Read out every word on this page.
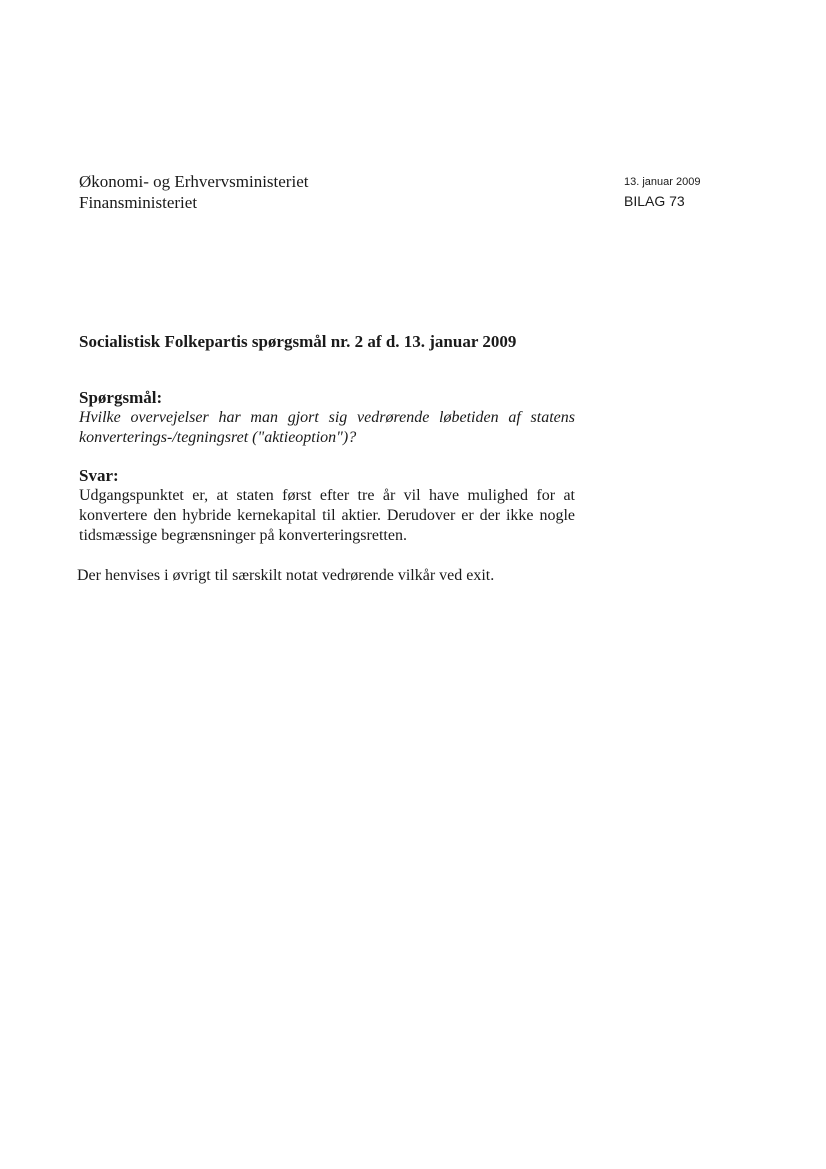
Økonomi- og Erhvervsministeriet
Finansministeriet
13. januar 2009
BILAG 73
Socialistisk Folkepartis spørgsmål nr. 2 af d. 13. januar 2009
Spørgsmål:
Hvilke overvejelser har man gjort sig vedrørende løbetiden af statens konverterings-/tegningsret ("aktieoption")?
Svar:
Udgangspunktet er, at staten først efter tre år vil have mulighed for at konvertere den hybride kernekapital til aktier. Derudover er der ikke nogle tidsmæssige begrænsninger på konverteringsretten.
Der henvises i øvrigt til særskilt notat vedrørende vilkår ved exit.
